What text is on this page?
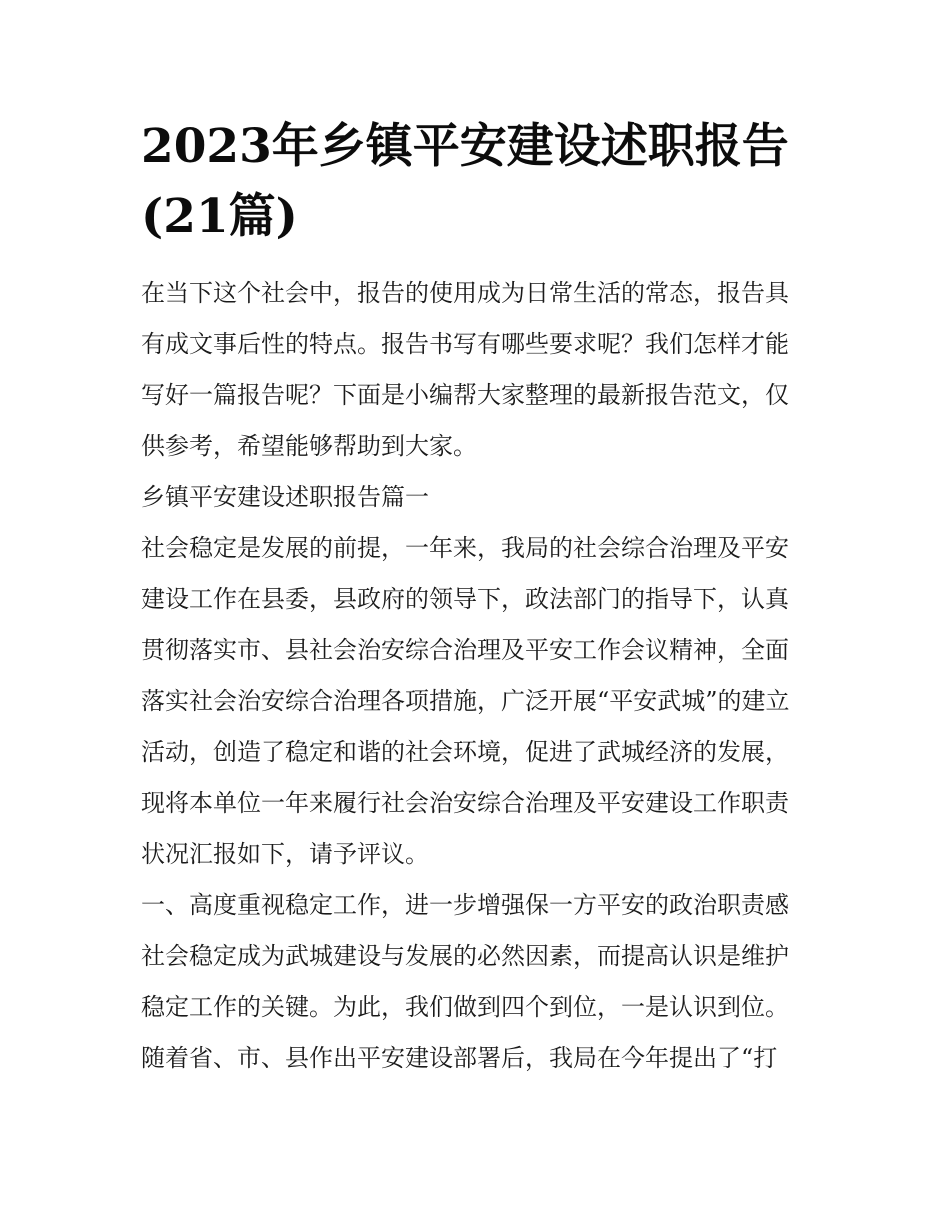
2023年乡镇平安建设述职报告
(21篇)

在当下这个社会中，报告的使用成为日常生活的常态，报告具
有成文事后性的特点。报告书写有哪些要求呢？我们怎样才能
写好一篇报告呢？下面是小编帮大家整理的最新报告范文，仅
供参考，希望能够帮助到大家。

乡镇平安建设述职报告篇一

社会稳定是发展的前提，一年来，我局的社会综合治理及平安
建设工作在县委，县政府的领导下，政法部门的指导下，认真
贯彻落实市、县社会治安综合治理及平安工作会议精神，全面
落实社会治安综合治理各项措施，广泛开展“平安武城”的建立
活动，创造了稳定和谐的社会环境，促进了武城经济的发展，
现将本单位一年来履行社会治安综合治理及平安建设工作职责
状况汇报如下，请予评议。

一、高度重视稳定工作，进一步增强保一方平安的政治职责感

社会稳定成为武城建设与发展的必然因素，而提高认识是维护
稳定工作的关键。为此，我们做到四个到位，一是认识到位。
随着省、市、县作出平安建设部署后，我局在今年提出了“打
